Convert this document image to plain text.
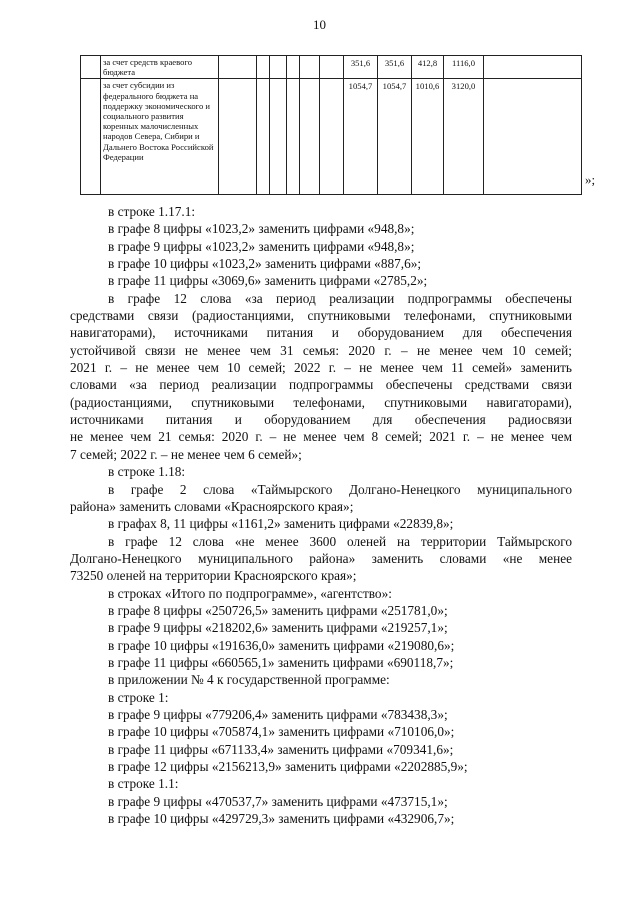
10
	за счет средств краевого бюджета							351,6	351,6	412,8	1116,0	
	за счет субсидии из федерального бюджета на поддержку экономического и социального развития коренных малочисленных народов Севера, Сибири и Дальнего Востока Российской Федерации							1054,7	1054,7	1010,6	3120,0	
»;

в строке 1.17.1:

в графе 8 цифры «1023,2» заменить цифрами «948,8»;

в графе 9 цифры «1023,2» заменить цифрами «948,8»;

в графе 10 цифры «1023,2» заменить цифрами «887,6»;

в графе 11 цифры «3069,6» заменить цифрами «2785,2»;

в графе 12 слова «за период реализации подпрограммы обеспечены

средствами связи (радиостанциями, спутниковыми телефонами, спутниковыми

навигаторами), источниками питания и оборудованием для обеспечения

устойчивой связи не менее чем 31 семья: 2020 г. – не менее чем 10 семей;

2021 г. – не менее чем 10 семей; 2022 г. – не менее чем 11 семей» заменить

словами «за период реализации подпрограммы обеспечены средствами связи

(радиостанциями, спутниковыми телефонами, спутниковыми навигаторами),

источниками питания и оборудованием для обеспечения радиосвязи

не менее чем 21 семья: 2020 г. – не менее чем 8 семей; 2021 г. – не менее чем

7 семей; 2022 г. – не менее чем 6 семей»;

в строке 1.18:

в графе 2 слова «Таймырского Долгано-Ненецкого муниципального

района» заменить словами «Красноярского края»;

в графах 8, 11 цифры «1161,2» заменить цифрами «22839,8»;

в графе 12 слова «не менее 3600 оленей на территории Таймырского

Долгано-Ненецкого муниципального района» заменить словами «не менее

73250 оленей на территории Красноярского края»;

в строках «Итого по подпрограмме», «агентство»:

в графе 8 цифры «250726,5» заменить цифрами «251781,0»;

в графе 9 цифры «218202,6» заменить цифрами «219257,1»;

в графе 10 цифры «191636,0» заменить цифрами «219080,6»;

в графе 11 цифры «660565,1» заменить цифрами «690118,7»;

в приложении № 4 к государственной программе:

в строке 1:

в графе 9 цифры «779206,4» заменить цифрами «783438,3»;

в графе 10 цифры «705874,1» заменить цифрами «710106,0»;

в графе 11 цифры «671133,4» заменить цифрами «709341,6»;

в графе 12 цифры «2156213,9» заменить цифрами «2202885,9»;

в строке 1.1:

в графе 9 цифры «470537,7» заменить цифрами «473715,1»;

в графе 10 цифры «429729,3» заменить цифрами «432906,7»;
